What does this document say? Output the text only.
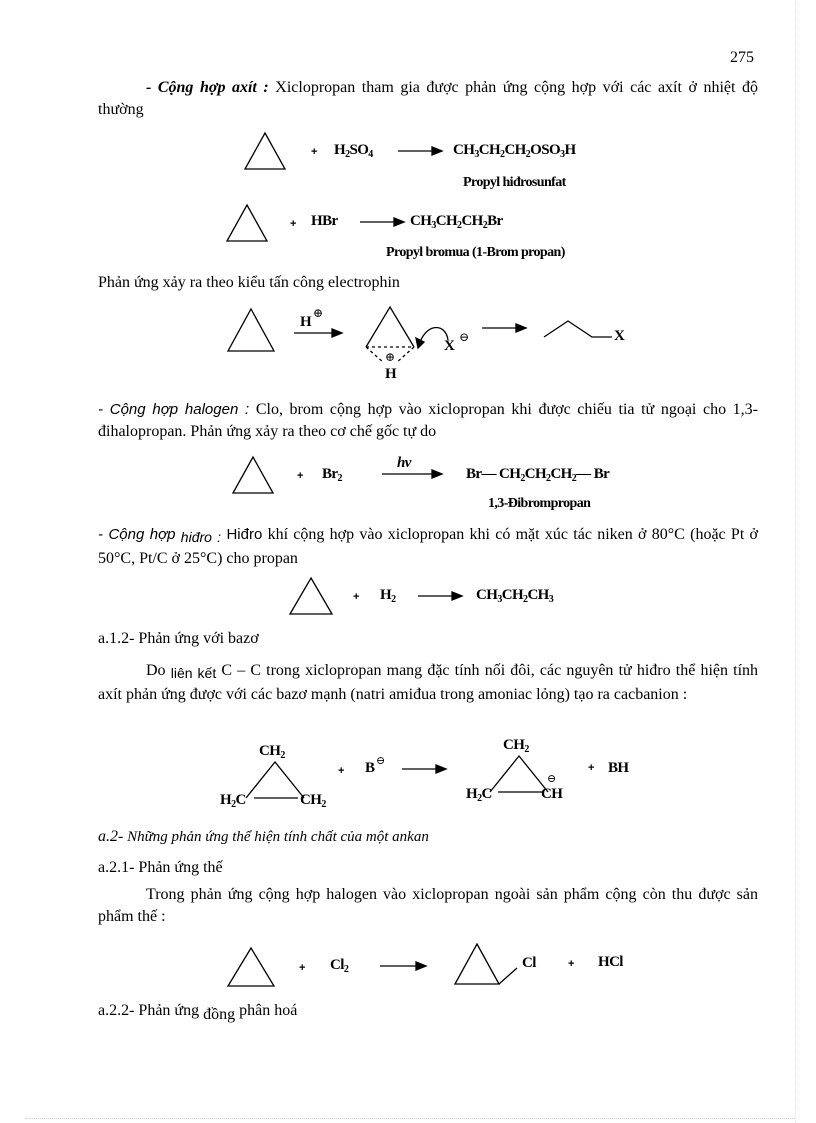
275
- Cộng hợp axít : Xiclopropan tham gia được phản ứng cộng hợp với các axít ở nhiệt độ thường
+ $H_2SO_4$	$CH_3CH_2CH_2OSO_3H$
Propyl hiđrosunfat
+ HBr	$CH_3CH_2CH_2Br$
Propyl bromua (1-Brom propan)
Phản ứng xảy ra theo kiểu tấn công electrophin
H
⊕
⊕
H
X
⊖	X
- Cộng hợp halogen : Clo, brom cộng hợp vào xiclopropan khi được chiếu tia tử ngoại cho 1,3- đihalopropan. Phản ứng xảy ra theo cơ chế gốc tự do
+ $Br_2$
hν
Br— $CH_2CH_2CH_2—$ Br
1,3-Đibrompropan
- Cộng hợp hiđro : Hiđro khí cộng hợp vào xiclopropan khi có mặt xúc tác niken ở 80°C (hoặc Pt ở 50°C, Pt/C ở 25°C) cho propan
+ $H_2$	$CH_3CH_2CH_3$
a.1.2- Phản ứng với bazơ
Do liên kết C – C trong xiclopropan mang đặc tính nối đôi, các nguyên tử hiđro thể hiện tính axít phản ứng được với các bazơ mạnh (natri amiđua trong amoniac lỏng) tạo ra cacbanion :
$CH_2$
$H_2C$	$CH_2$
+ B ⊖
$CH_2$
$H_2C$	CH
⊖
+ BH
a.2- Những phản ứng thể hiện tính chất của một ankan
a.2.1- Phản ứng thế
Trong phản ứng cộng hợp halogen vào xiclopropan ngoài sản phẩm cộng còn thu được sản phẩm thế :
+ $Cl_2$	Cl	+ HCl
a.2.2- Phản ứng đồng phân hoá
